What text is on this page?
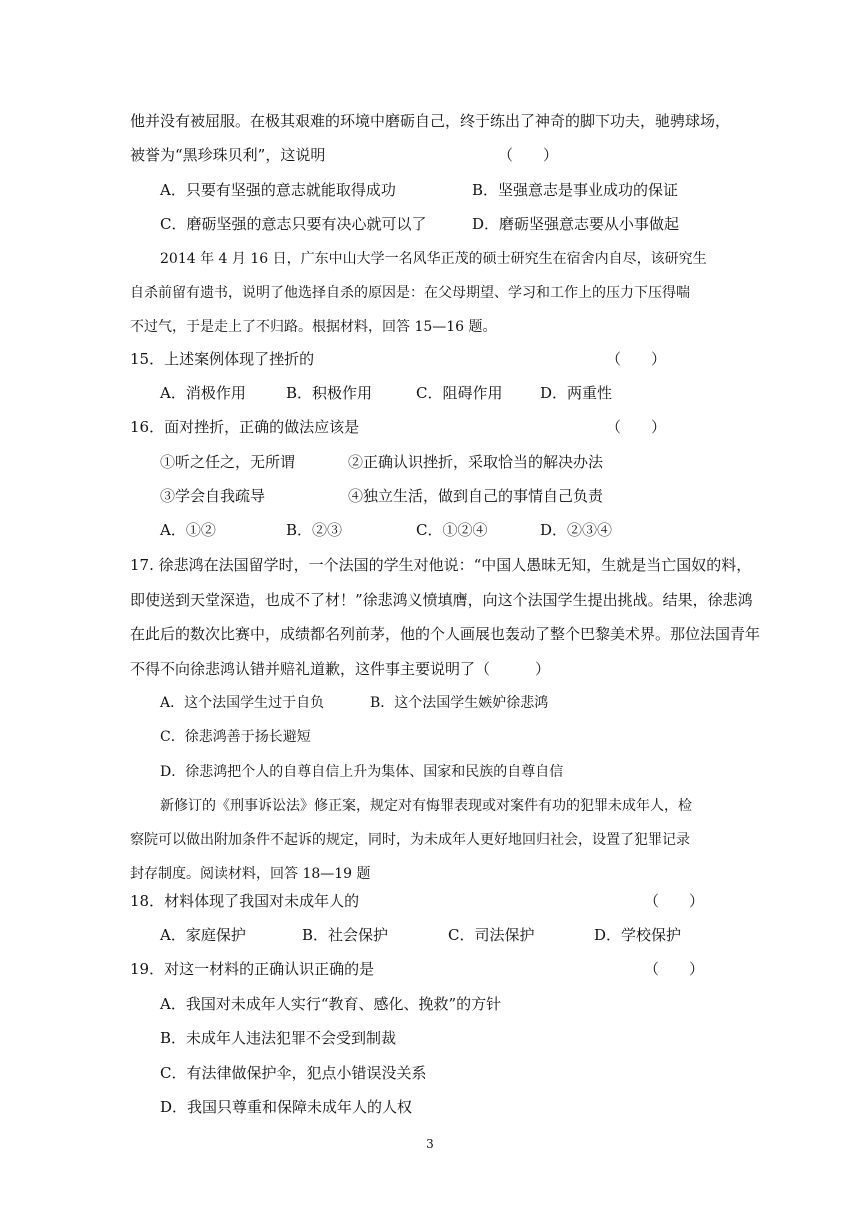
他并没有被屈服。在极其艰难的环境中磨砺自己，终于练出了神奇的脚下功夫，驰骋球场，
被誉为“黑珍珠贝利”，这说明	（　　）
A．只要有坚强的意志就能取得成功	B．坚强意志是事业成功的保证
C．磨砺坚强的意志只要有决心就可以了	D．磨砺坚强意志要从小事做起
2014 年 4 月 16 日，广东中山大学一名风华正茂的硕士研究生在宿舍内自尽，该研究生
自杀前留有遗书，说明了他选择自杀的原因是：在父母期望、学习和工作上的压力下压得喘
不过气，于是走上了不归路。根据材料，回答 15—16 题。
15．上述案例体现了挫折的	（　　）
A．消极作用	B．积极作用	C．阻碍作用	D．两重性
16．面对挫折，正确的做法应该是	（　　）
①听之任之，无所谓	②正确认识挫折，采取恰当的解决办法
③学会自我疏导	④独立生活，做到自己的事情自己负责
A．①②	B．②③	C．①②④	D．②③④
17. 徐悲鸿在法国留学时，一个法国的学生对他说：“中国人愚昧无知，生就是当亡国奴的料，
即使送到天堂深造，也成不了材！”徐悲鸿义愤填膺，向这个法国学生提出挑战。结果，徐悲鸿
在此后的数次比赛中，成绩都名列前茅，他的个人画展也轰动了整个巴黎美术界。那位法国青年
不得不向徐悲鸿认错并赔礼道歉，这件事主要说明了（　　　）
A．这个法国学生过于自负	B．这个法国学生嫉妒徐悲鸿
C．徐悲鸿善于扬长避短
D．徐悲鸿把个人的自尊自信上升为集体、国家和民族的自尊自信
新修订的《刑事诉讼法》修正案，规定对有悔罪表现或对案件有功的犯罪未成年人，检
察院可以做出附加条件不起诉的规定，同时，为未成年人更好地回归社会，设置了犯罪记录
封存制度。阅读材料，回答 18—19 题
18．材料体现了我国对未成年人的	（　　）
A．家庭保护	B．社会保护	C．司法保护	D．学校保护
19．对这一材料的正确认识正确的是	（　　）
A．我国对未成年人实行“教育、感化、挽救”的方针
B．未成年人违法犯罪不会受到制裁
C．有法律做保护伞，犯点小错误没关系
D．我国只尊重和保障未成年人的人权
3
